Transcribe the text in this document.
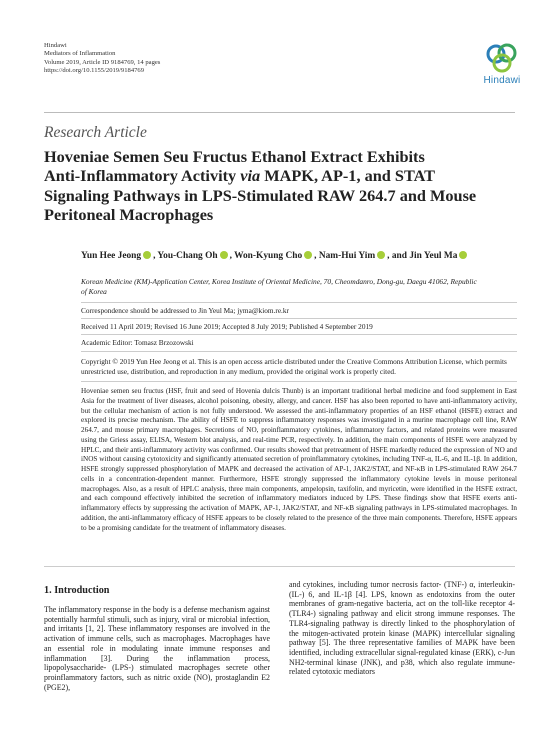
Hindawi
Mediators of Inflammation
Volume 2019, Article ID 9184769, 14 pages
https://doi.org/10.1155/2019/9184769
Hindawi
Research Article
Hoveniae Semen Seu Fructus Ethanol Extract Exhibits
Anti-Inflammatory Activity via MAPK, AP-1, and STAT
Signaling Pathways in LPS-Stimulated RAW 264.7 and Mouse
Peritoneal Macrophages
Yun Hee Jeong , You-Chang Oh , Won-Kyung Cho , Nam-Hui Yim , and Jin Yeul Ma
Korean Medicine (KM)-Application Center, Korea Institute of Oriental Medicine, 70, Cheomdanro, Dong-gu, Daegu 41062, Republic of Korea
Correspondence should be addressed to Jin Yeul Ma; jyma@kiom.re.kr
Received 11 April 2019; Revised 16 June 2019; Accepted 8 July 2019; Published 4 September 2019
Academic Editor: Tomasz Brzozowski
Copyright © 2019 Yun Hee Jeong et al. This is an open access article distributed under the Creative Commons Attribution License, which permits unrestricted use, distribution, and reproduction in any medium, provided the original work is properly cited.
Hoveniae semen seu fructus (HSF, fruit and seed of Hovenia dulcis Thunb) is an important traditional herbal medicine and food supplement in East Asia for the treatment of liver diseases, alcohol poisoning, obesity, allergy, and cancer. HSF has also been reported to have anti-inflammatory activity, but the cellular mechanism of action is not fully understood. We assessed the anti-inflammatory properties of an HSF ethanol (HSFE) extract and explored its precise mechanism. The ability of HSFE to suppress inflammatory responses was investigated in a murine macrophage cell line, RAW 264.7, and mouse primary macrophages. Secretions of NO, proinflammatory cytokines, inflammatory factors, and related proteins were measured using the Griess assay, ELISA, Western blot analysis, and real-time PCR, respectively. In addition, the main components of HSFE were analyzed by HPLC, and their anti-inflammatory activity was confirmed. Our results showed that pretreatment of HSFE markedly reduced the expression of NO and iNOS without causing cytotoxicity and significantly attenuated secretion of proinflammatory cytokines, including TNF-α, IL-6, and IL-1β. In addition, HSFE strongly suppressed phosphorylation of MAPK and decreased the activation of AP-1, JAK2/STAT, and NF-κB in LPS-stimulated RAW 264.7 cells in a concentration-dependent manner. Furthermore, HSFE strongly suppressed the inflammatory cytokine levels in mouse peritoneal macrophages. Also, as a result of HPLC analysis, three main components, ampelopsin, taxifolin, and myricetin, were identified in the HSFE extract, and each compound effectively inhibited the secretion of inflammatory mediators induced by LPS. These findings show that HSFE exerts anti-inflammatory effects by suppressing the activation of MAPK, AP-1, JAK2/STAT, and NF-κB signaling pathways in LPS-stimulated macrophages. In addition, the anti-inflammatory efficacy of HSFE appears to be closely related to the presence of the three main components. Therefore, HSFE appears to be a promising candidate for the treatment of inflammatory diseases.
1. Introduction
The inflammatory response in the body is a defense mechanism against potentially harmful stimuli, such as injury, viral or microbial infection, and irritants [1, 2]. These inflammatory responses are involved in the activation of immune cells, such as macrophages. Macrophages have an essential role in modulating innate immune responses and inflammation [3]. During the inflammation process, lipopolysaccharide- (LPS-) stimulated macrophages secrete other proinflammatory factors, such as nitric oxide (NO), prostaglandin E2 (PGE2),
and cytokines, including tumor necrosis factor- (TNF-) α, interleukin- (IL-) 6, and IL-1β [4]. LPS, known as endotoxins from the outer membranes of gram-negative bacteria, act on the toll-like receptor 4- (TLR4-) signaling pathway and elicit strong immune responses. The TLR4-signaling pathway is directly linked to the phosphorylation of the mitogen-activated protein kinase (MAPK) intercellular signaling pathway [5]. The three representative families of MAPK have been identified, including extracellular signal-regulated kinase (ERK), c-Jun NH2-terminal kinase (JNK), and p38, which also regulate immune-related cytotoxic mediators
